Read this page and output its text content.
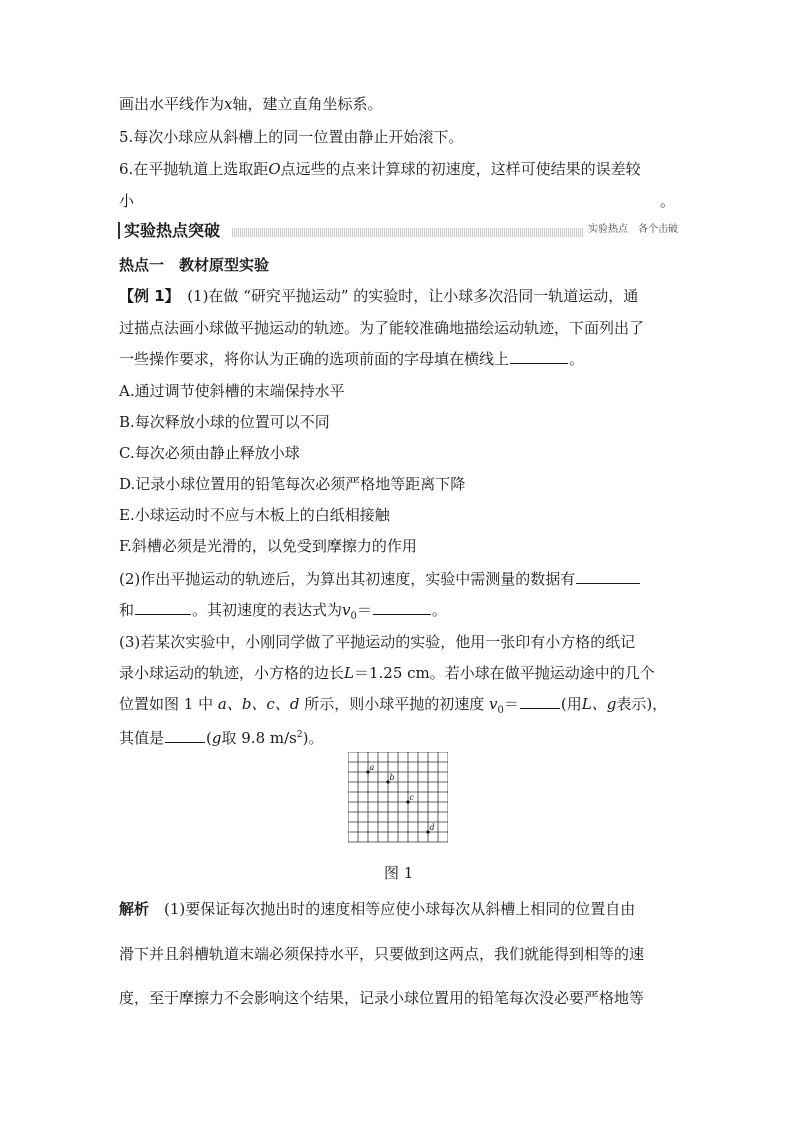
画出水平线作为x轴，建立直角坐标系。
5.每次小球应从斜槽上的同一位置由静止开始滚下。
6.在平抛轨道上选取距O点远些的点来计算球的初速度，这样可使结果的误差较
小	。
实验热点突破	实验热点　各个击破
热点一　 教材原型实验
【例 1】　 (1)在做 “研究平抛运动” 的实验时，让小球多次沿同一轨道运动，通
过描点法画小球做平抛运动的轨迹。为了能较准确地描绘运动轨迹，下面列出了
一些操作要求，将你认为正确的选项前面的字母填在横线上	。
A.通过调节使斜槽的末端保持水平
B.每次释放小球的位置可以不同
C.每次必须由静止释放小球
D.记录小球位置用的铅笔每次必须严格地等距离下降
E.小球运动时不应与木板上的白纸相接触
F.斜槽必须是光滑的，以免受到摩擦力的作用
(2)作出平抛运动的轨迹后，为算出其初速度，实验中需测量的数据有
和	。其初速度的表达式为$v_0=$	。
(3)若某次实验中，小刚同学做了平抛运动的实验，他用一张印有小方格的纸记
录小球运动的轨迹，小方格的边长L＝1.25 cm。若小球在做平抛运动途中的几个
位置如图 1 中 a、b、c、d 所示，则小球平抛的初速度 $v_0=$	(用L、g表示)，
其值是	(g取 9.8 $m/s^2$)。
a
b
c
d
图 1
解析　 (1)要保证每次抛出时的速度相等应使小球每次从斜槽上相同的位置自由
滑下并且斜槽轨道末端必须保持水平，只要做到这两点，我们就能得到相等的速
度，至于摩擦力不会影响这个结果，记录小球位置用的铅笔每次没必要严格地等
